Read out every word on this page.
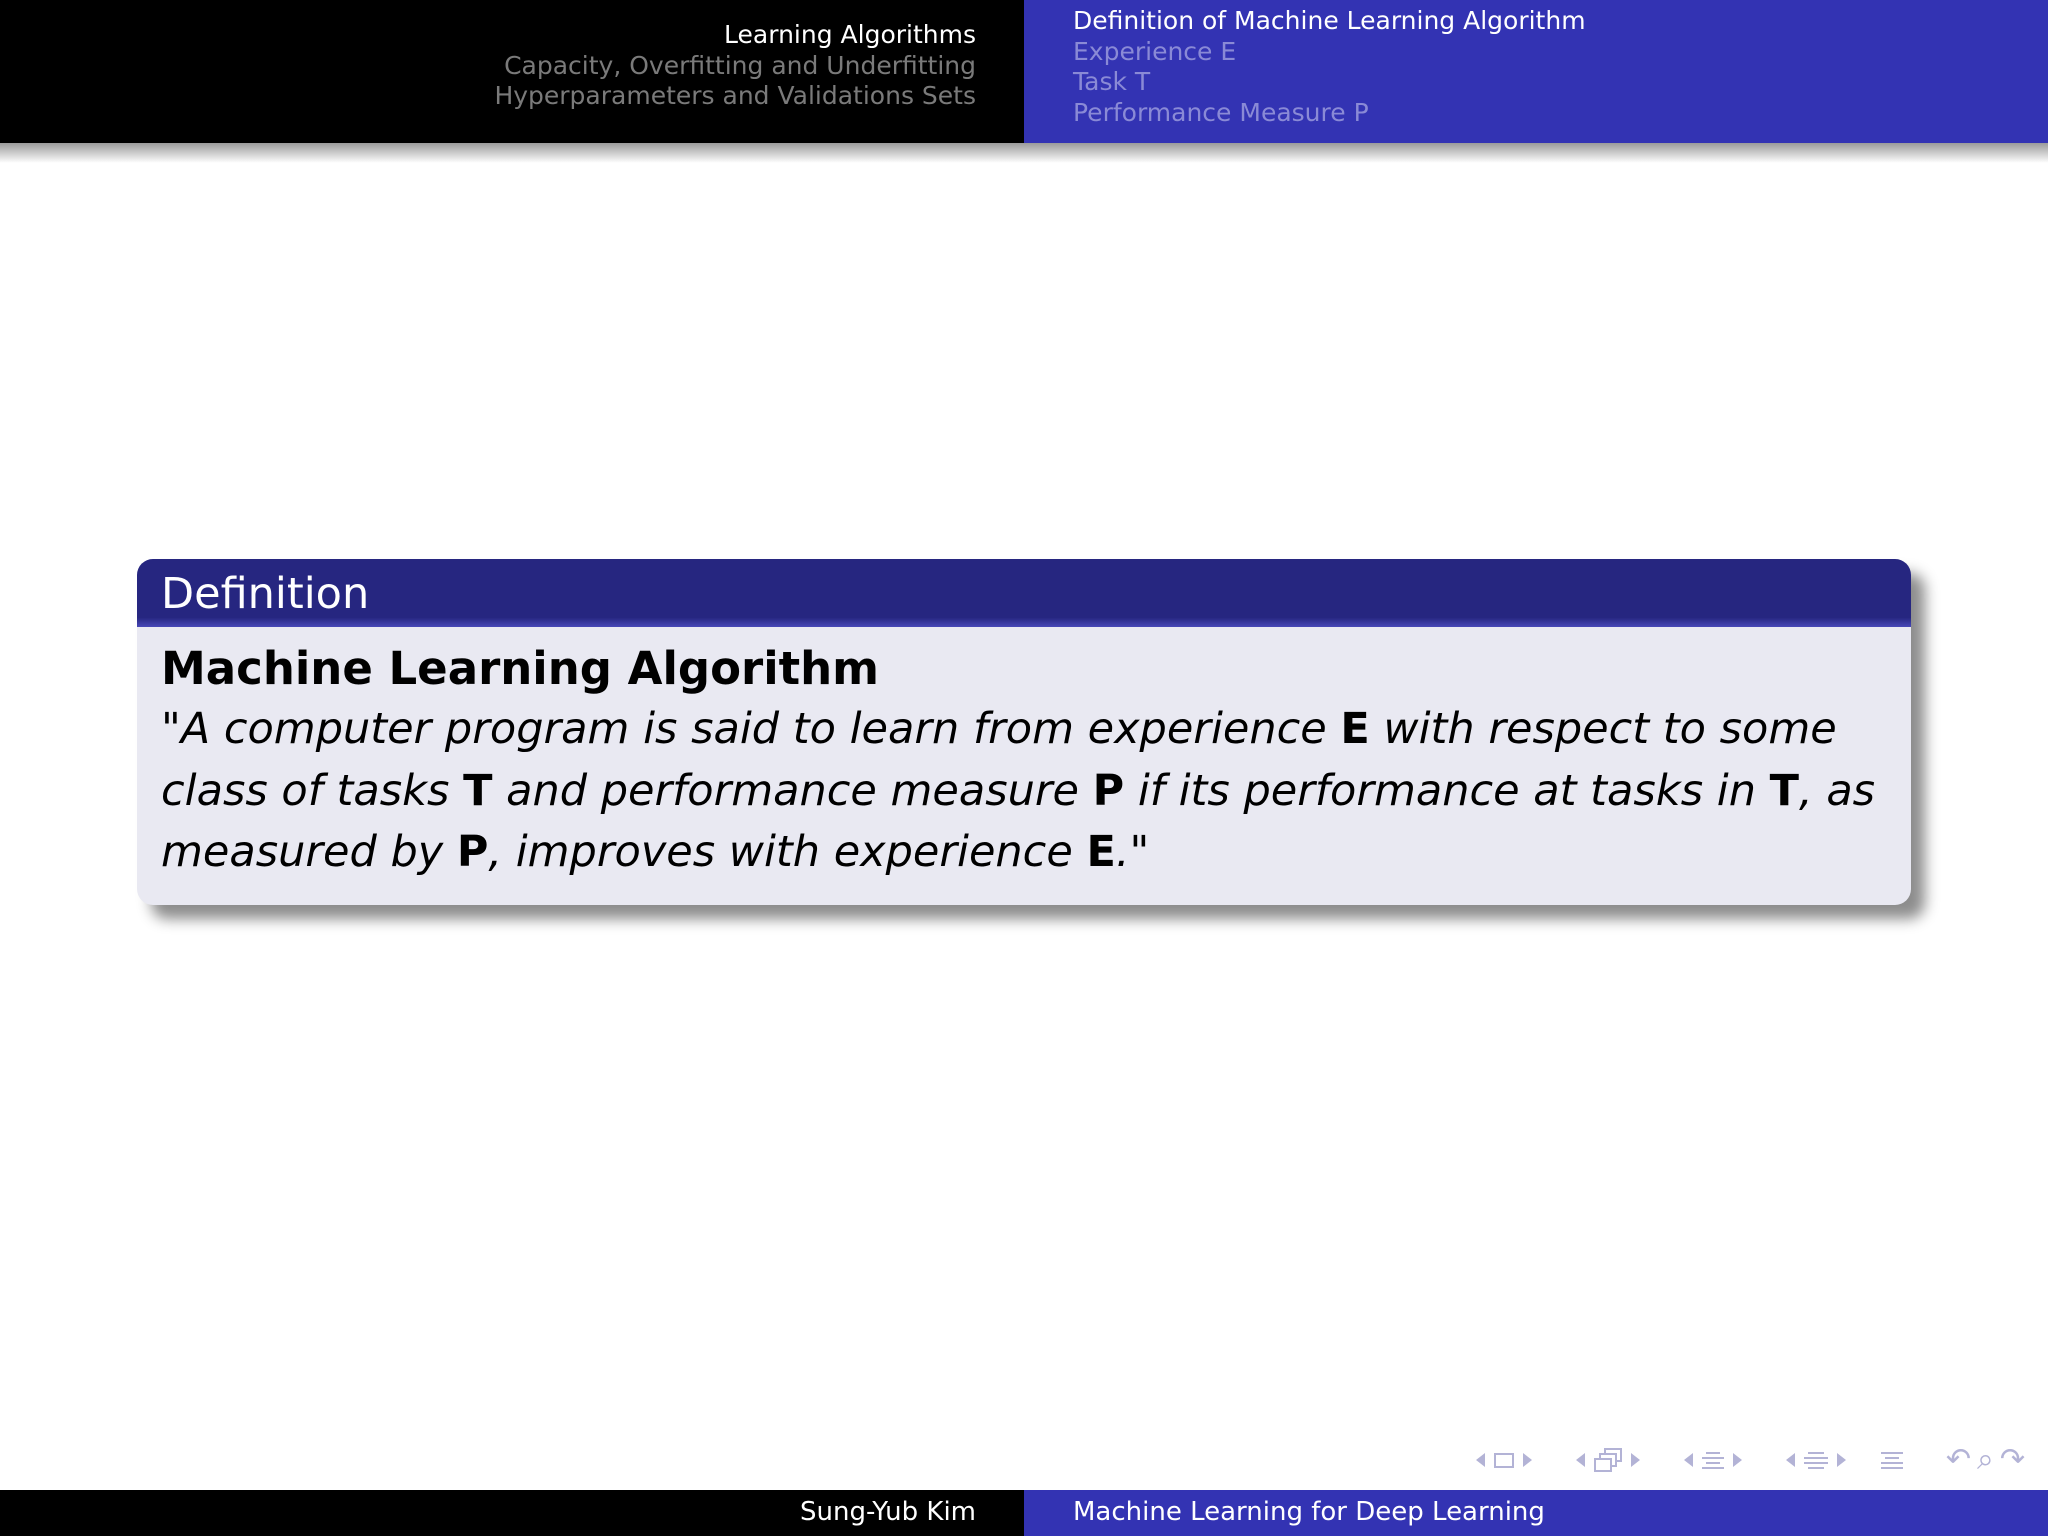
Learning Algorithms
Capacity, Overfitting and Underfitting
Hyperparameters and Validations Sets
Definition of Machine Learning Algorithm
Experience E
Task T
Performance Measure P
Definition
Machine Learning Algorithm
"A computer program is said to learn from experience E with respect to some class of tasks T and performance measure P if its performance at tasks in T, as measured by P, improves with experience E."
↶ ⌕ ↷
Sung-Yub Kim	Machine Learning for Deep Learning
